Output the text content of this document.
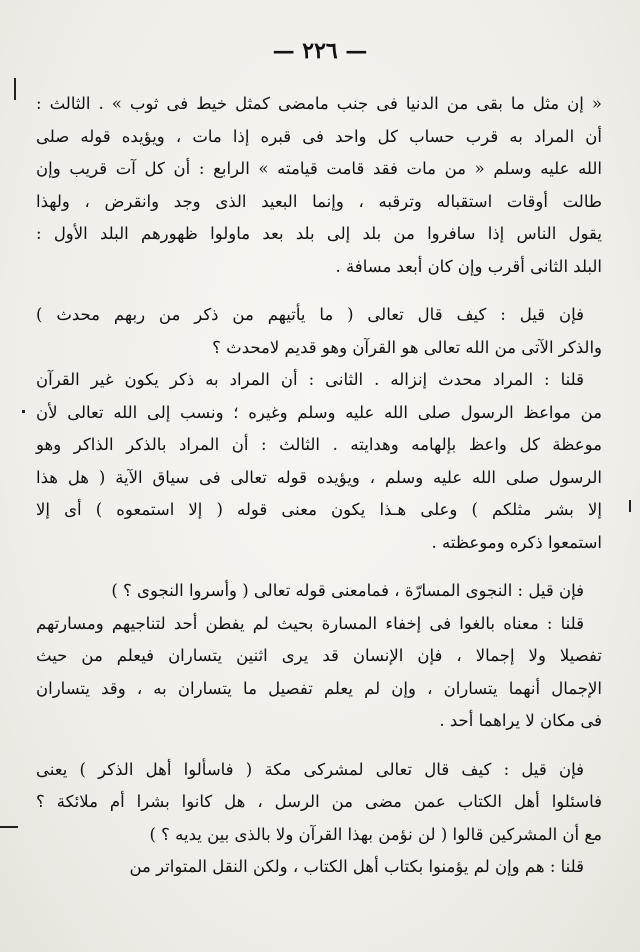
— ٢٢٦ —
« إن مثل ما بقى من الدنيا فى جنب مامضى كمثل خيط فى ثوب » . الثالث :
أن المراد به قرب حساب كل واحد فى قبره إذا مات ، ويؤيده قوله صلى
الله عليه وسلم « من مات فقد قامت قيامته » الرابع : أن كل آت قريب وإن
طالت أوقات استقباله وترقبه ، وإنما البعيد الذى وجد وانقرض ، ولهذا
يقول الناس إذا سافروا من بلد إلى بلد بعد ماولوا ظهورهم البلد الأول :
البلد الثانى أقرب وإن كان أبعد مسافة .
فإن قيل : كيف قال تعالى ( ما يأتيهم من ذكر من ربهم محدث )
والذكر الآتى من الله تعالى هو القرآن وهو قديم لامحدث ؟
قلنا : المراد محدث إنزاله . الثانى : أن المراد به ذكر يكون غير القرآن
من مواعظ الرسول صلى الله عليه وسلم وغيره ؛ ونسب إلى الله تعالى لأن
موعظة كل واعظ بإلهامه وهدايته . الثالث : أن المراد بالذكر الذاكر وهو
الرسول صلى الله عليه وسلم ، ويؤيده قوله تعالى فى سياق الآية ( هل هذا
إلا بشر مثلكم ) وعلى هـذا يكون معنى قوله ( إلا استمعوه ) أى إلا
استمعوا ذكره وموعظته .
فإن قيل : النجوى المسارّة ، فمامعنى قوله تعالى ( وأسروا النجوى ؟ )
قلنا : معناه بالغوا فى إخفاء المسارة بحيث لم يفطن أحد لتناجيهم ومسارتهم
تفصيلا ولا إجمالا ، فإن الإنسان قد يرى اثنين يتساران فيعلم من حيث
الإجمال أنهما يتساران ، وإن لم يعلم تفصيل ما يتساران به ، وقد يتساران
فى مكان لا يراهما أحد .
فإن قيل : كيف قال تعالى لمشركى مكة ( فاسألوا أهل الذكر ) يعنى
فاسئلوا أهل الكتاب عمن مضى من الرسل ، هل كانوا بشرا أم ملائكة ؟
مع أن المشركين قالوا ( لن نؤمن بهذا القرآن ولا بالذى بين يديه ؟ )
قلنا : هم وإن لم يؤمنوا بكتاب أهل الكتاب ، ولكن النقل المتواتر من
